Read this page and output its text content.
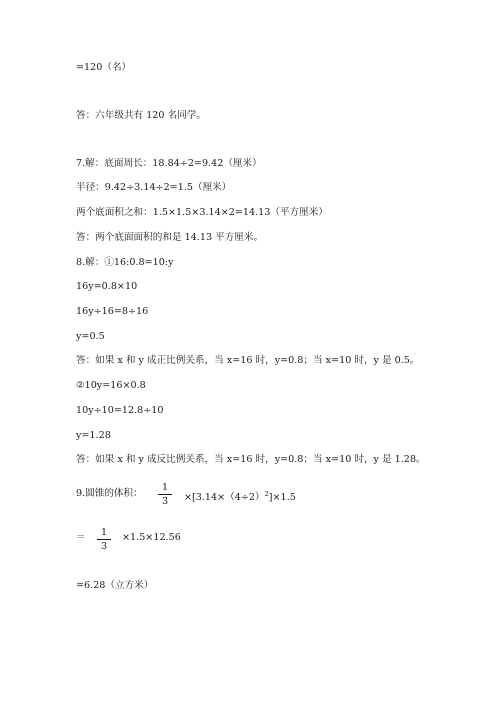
=120（名）
答：六年级共有 120 名同学。
7.解：底面周长：18.84÷2=9.42（厘米）
半径：9.42÷3.14÷2=1.5（厘米）
两个底面积之和：1.5×1.5×3.14×2=14.13（平方厘米）
答：两个底面面积的和是 14.13 平方厘米。
8.解：①16:0.8=10:y
16y=0.8×10
16y÷16=8÷16
y=0.5
答：如果 x 和 y 成正比例关系，当 x=16 时，y=0.8；当 x=10 时，y 是 0.5。
②10y=16×0.8
10y÷10=12.8÷10
y=1.28
答：如果 x 和 y 成反比例关系，当 x=16 时，y=0.8；当 x=10 时，y 是 1.28。
9.圆锥的体积：
1
3	$\times[3.14\times(4\div 2)^2]\times 1.5$
＝	1
3
×1.5×12.56
=6.28（立方米）
